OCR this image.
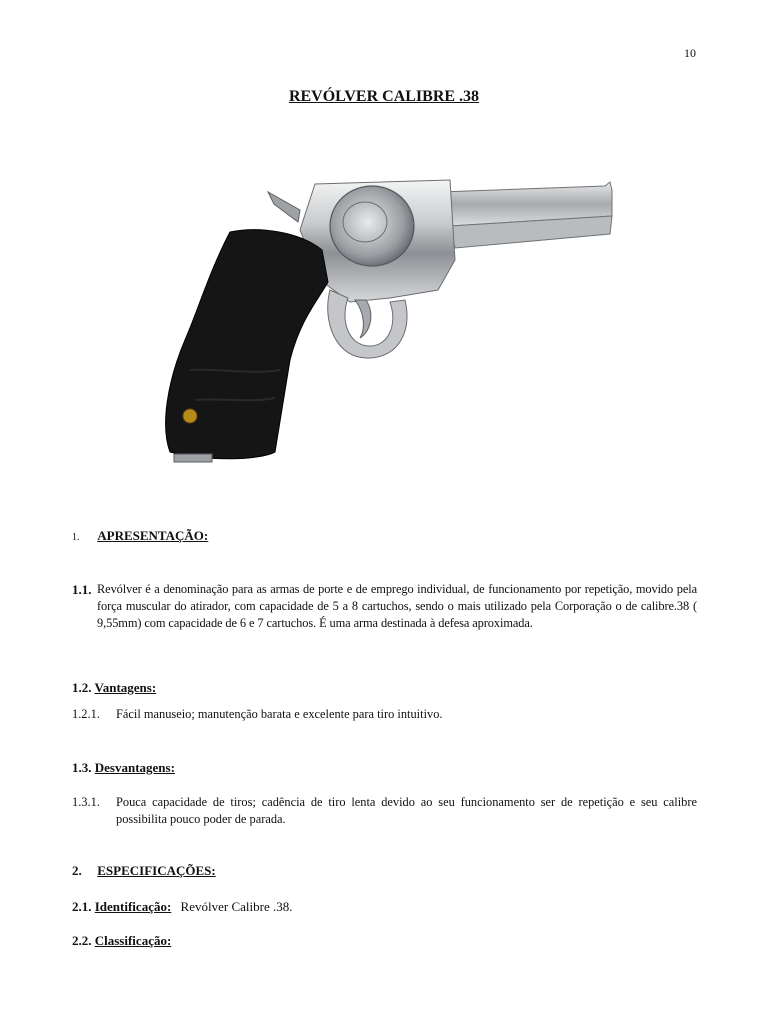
10
REVÓLVER CALIBRE .38
1. APRESENTAÇÃO:
1.1. Revólver é a denominação para as armas de porte e de emprego individual, de funcionamento por repetição, movido pela força muscular do atirador, com capacidade de 5 a 8 cartuchos, sendo o mais utilizado pela Corporação o de calibre.38 ( 9,55mm) com capacidade de 6 e 7 cartuchos. É uma arma destinada à defesa aproximada.
1.2. Vantagens:
1.2.1. Fácil manuseio; manutenção barata e excelente para tiro intuitivo.
1.3. Desvantagens:
1.3.1. Pouca capacidade de tiros; cadência de tiro lenta devido ao seu funcionamento ser de repetição e seu calibre possibilita pouco poder de parada.
2. ESPECIFICAÇÕES:
2.1. Identificação: Revólver Calibre .38.
2.2. Classificação:
